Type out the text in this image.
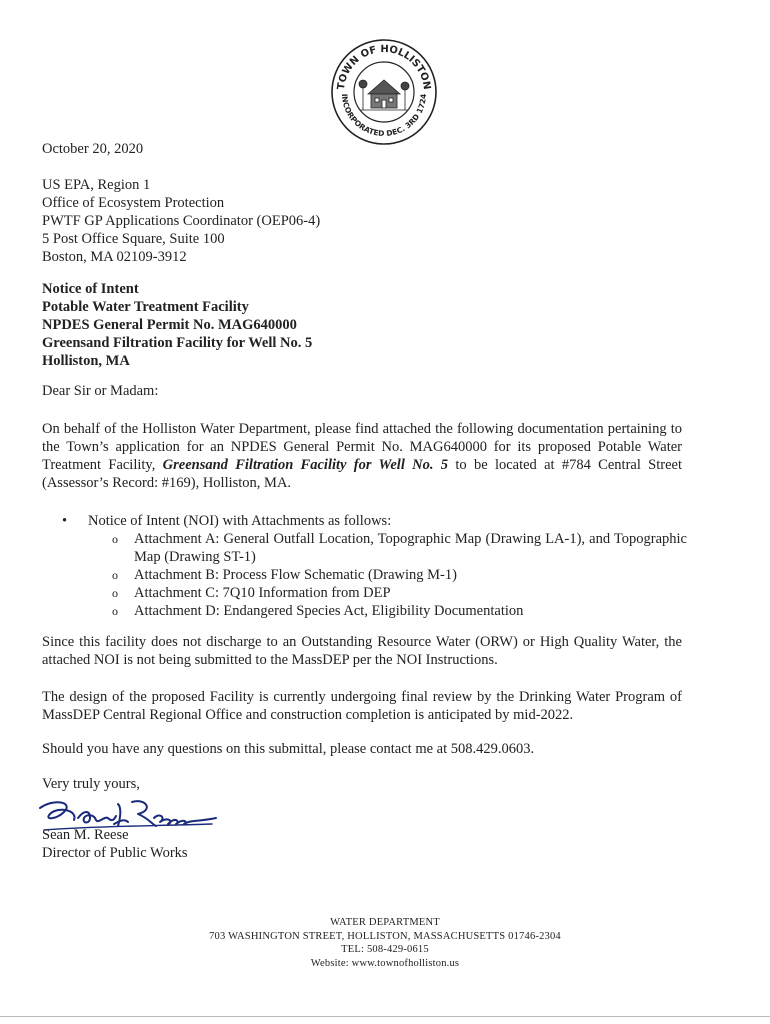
TOWN OF HOLLISTON
INCORPORATED DEC. 3RD 1724
October 20, 2020
US EPA, Region 1
Office of Ecosystem Protection
PWTF GP Applications Coordinator (OEP06-4)
5 Post Office Square, Suite 100
Boston, MA 02109-3912
Notice of Intent
Potable Water Treatment Facility
NPDES General Permit No. MAG640000
Greensand Filtration Facility for Well No. 5
Holliston, MA
Dear Sir or Madam:
On behalf of the Holliston Water Department, please find attached the following documentation pertaining to the Town’s application for an NPDES General Permit No. MAG640000 for its proposed Potable Water Treatment Facility, Greensand Filtration Facility for Well No. 5 to be located at #784 Central Street (Assessor’s Record: #169), Holliston, MA.
•	Notice of Intent (NOI) with Attachments as follows:
o	Attachment A: General Outfall Location, Topographic Map (Drawing LA-1), and Topographic Map (Drawing ST-1)
o	Attachment B: Process Flow Schematic (Drawing M-1)
o	Attachment C: 7Q10 Information from DEP
o	Attachment D: Endangered Species Act, Eligibility Documentation
Since this facility does not discharge to an Outstanding Resource Water (ORW) or High Quality Water, the attached NOI is not being submitted to the MassDEP per the NOI Instructions.
The design of the proposed Facility is currently undergoing final review by the Drinking Water Program of MassDEP Central Regional Office and construction completion is anticipated by mid-2022.
Should you have any questions on this submittal, please contact me at 508.429.0603.
Very truly yours,
Sean M. Reese
Director of Public Works
WATER DEPARTMENT
703 WASHINGTON STREET, HOLLISTON, MASSACHUSETTS 01746-2304
TEL: 508-429-0615
Website: www.townofholliston.us
